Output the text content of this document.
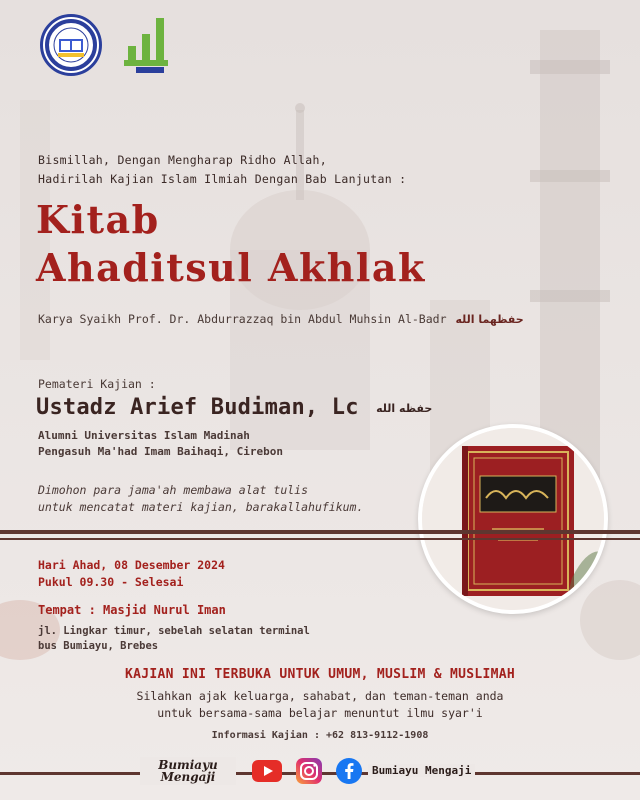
Bismillah, Dengan Mengharap Ridho Allah,
Hadirilah Kajian Islam Ilmiah Dengan Bab Lanjutan :
Kitab
Ahaditsul Akhlak
Karya Syaikh Prof. Dr. Abdurrazzaq bin Abdul Muhsin Al-Badr حفظهما الله
Pemateri Kajian :
Ustadz Arief Budiman, Lc حفظه الله
Alumni Universitas Islam Madinah
Pengasuh Ma'had Imam Baihaqi, Cirebon
Dimohon para jama'ah membawa alat tulis
untuk mencatat materi kajian, barakallahufikum.
Hari Ahad, 08 Desember 2024
Pukul 09.30 - Selesai
Tempat : Masjid Nurul Iman
jl. Lingkar timur, sebelah selatan terminal
bus Bumiayu, Brebes
KAJIAN INI TERBUKA UNTUK UMUM, MUSLIM & MUSLIMAH
Silahkan ajak keluarga, sahabat, dan teman-teman anda
untuk bersama-sama belajar menuntut ilmu syar'i
Informasi Kajian : +62 813-9112-1908
Bumiayu
Mengaji	Bumiayu Mengaji
